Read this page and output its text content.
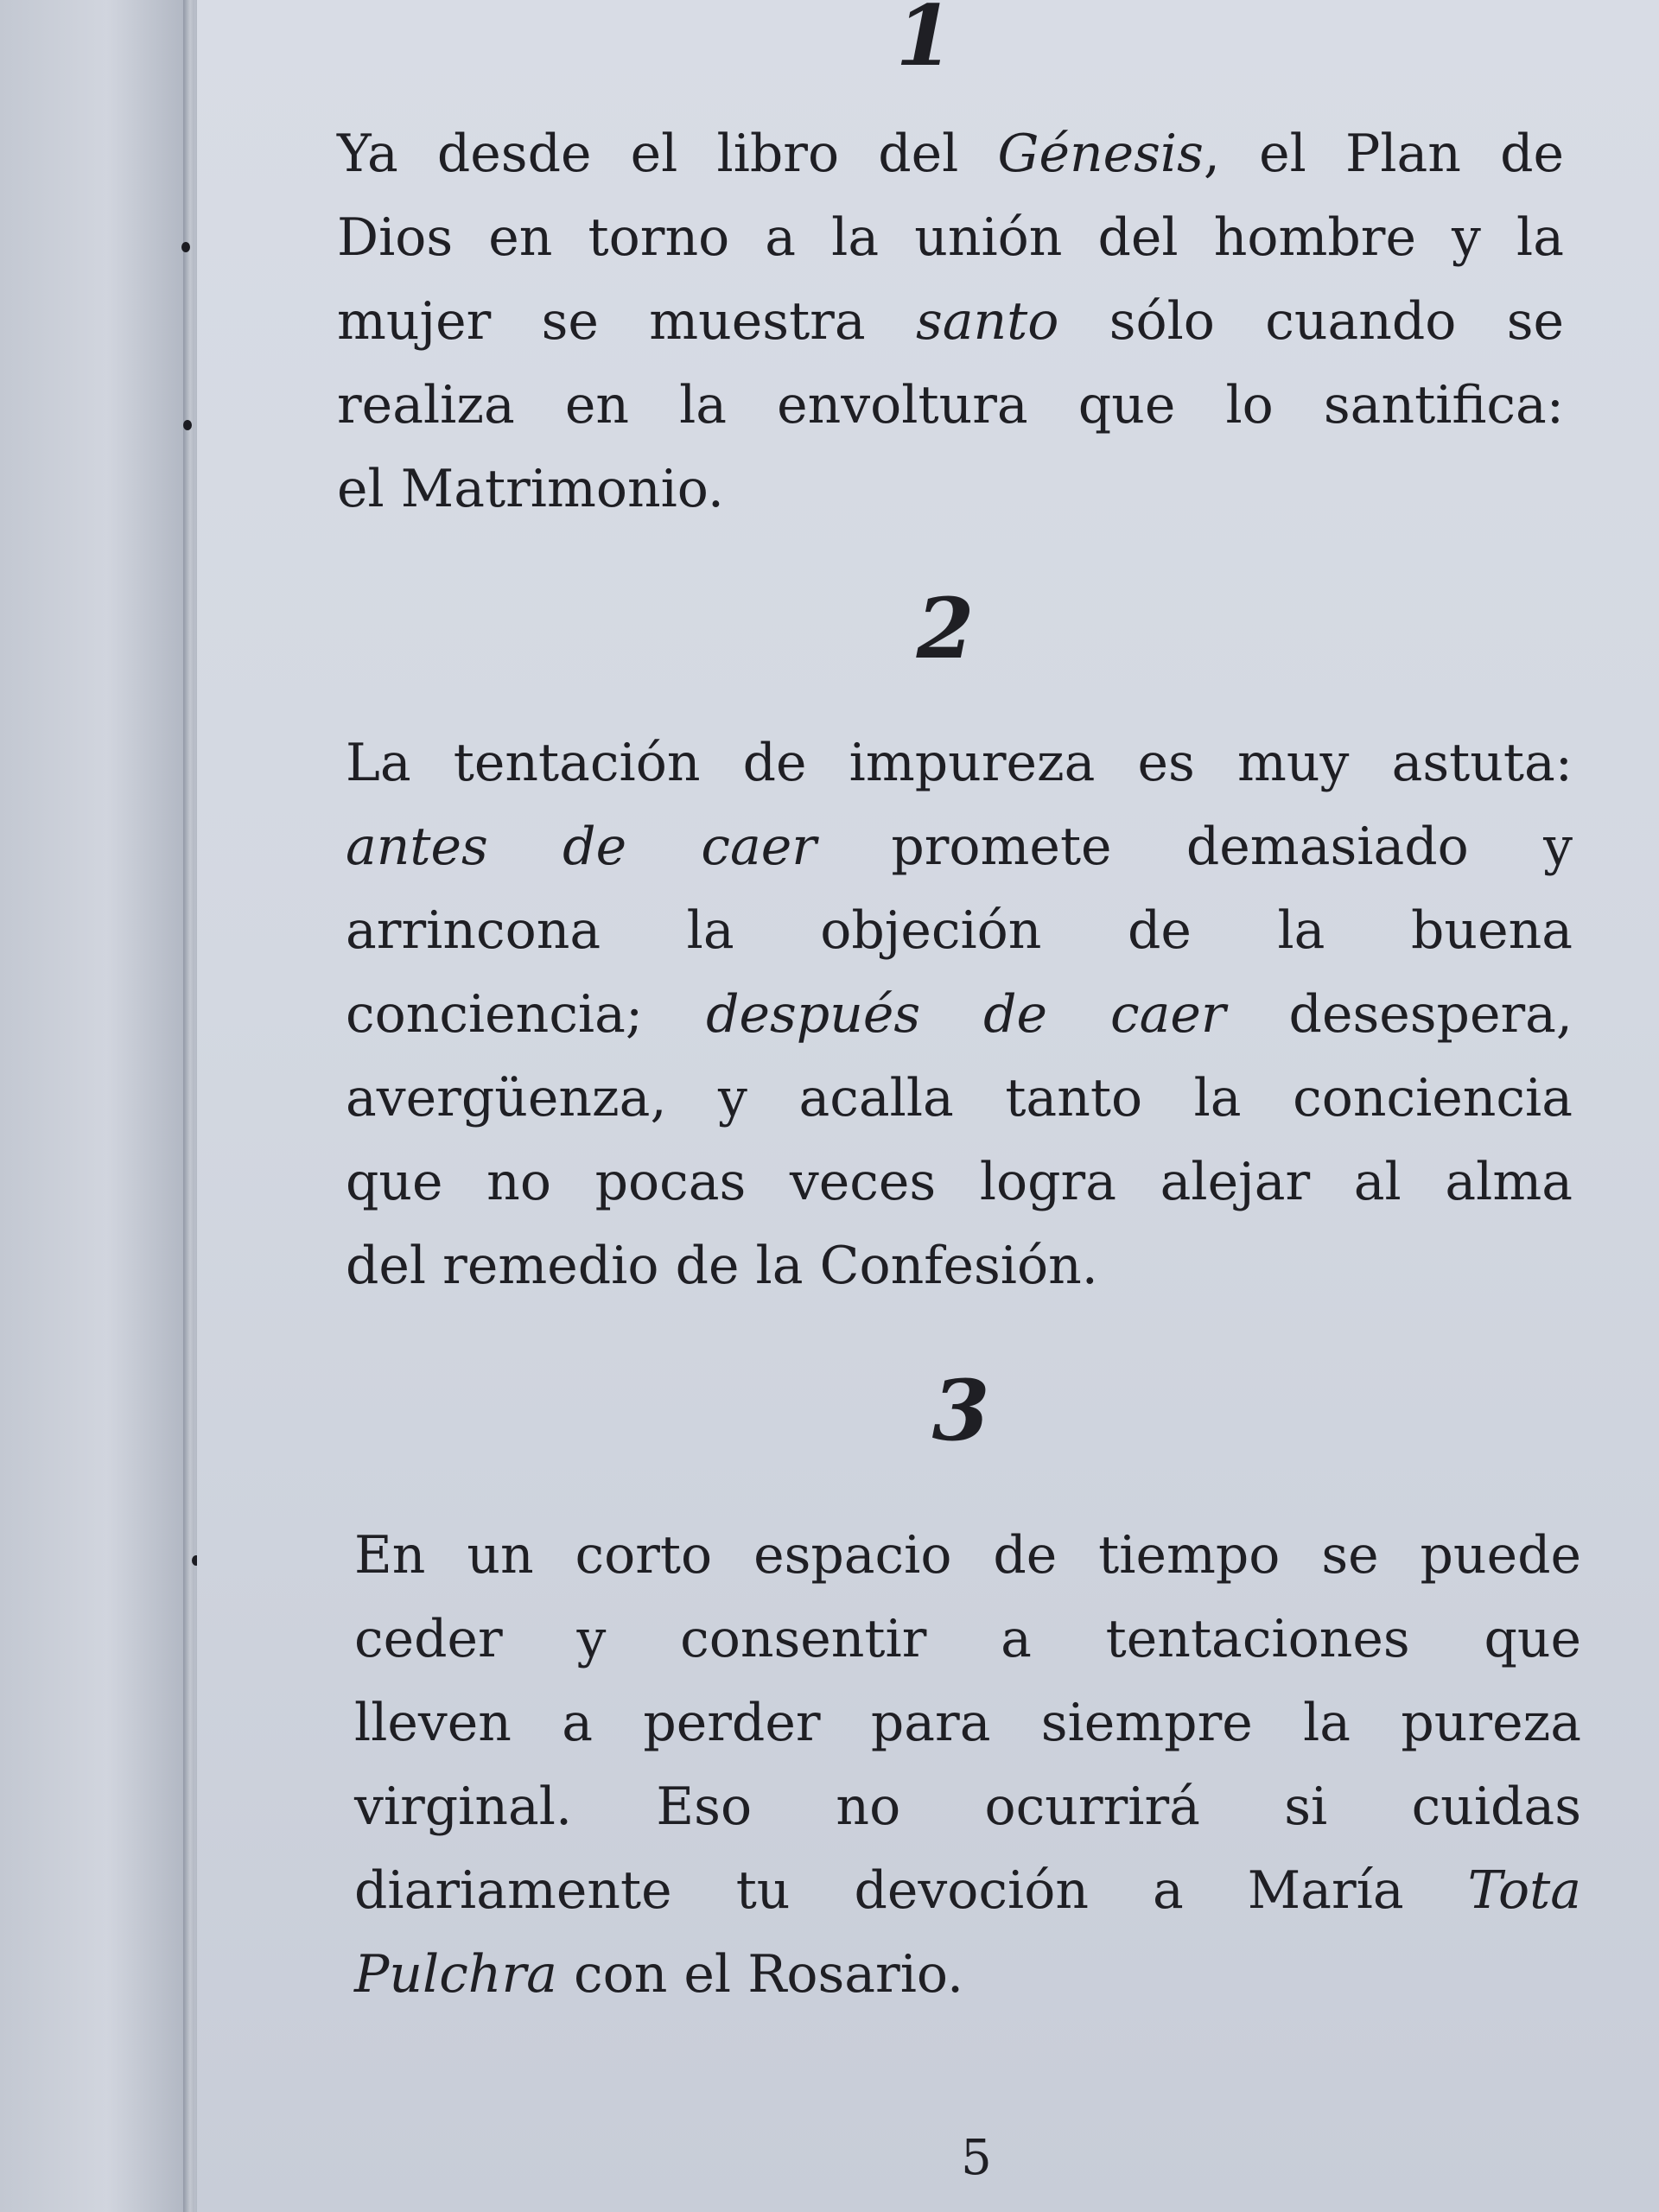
1
Ya desde el libro del Génesis, el Plan de
Dios en torno a la unión del hombre y la
mujer se muestra santo sólo cuando se
realiza en la envoltura que lo santifica:
el Matrimonio.
2
La tentación de impureza es muy astuta:
antes de caer promete demasiado y
arrincona la objeción de la buena
conciencia; después de caer desespera,
avergüenza, y acalla tanto la conciencia
que no pocas veces logra alejar al alma
del remedio de la Confesión.
3
En un corto espacio de tiempo se puede
ceder y consentir a tentaciones que
lleven a perder para siempre la pureza
virginal. Eso no ocurrirá si cuidas
diariamente tu devoción a María Tota
Pulchra con el Rosario.
5
